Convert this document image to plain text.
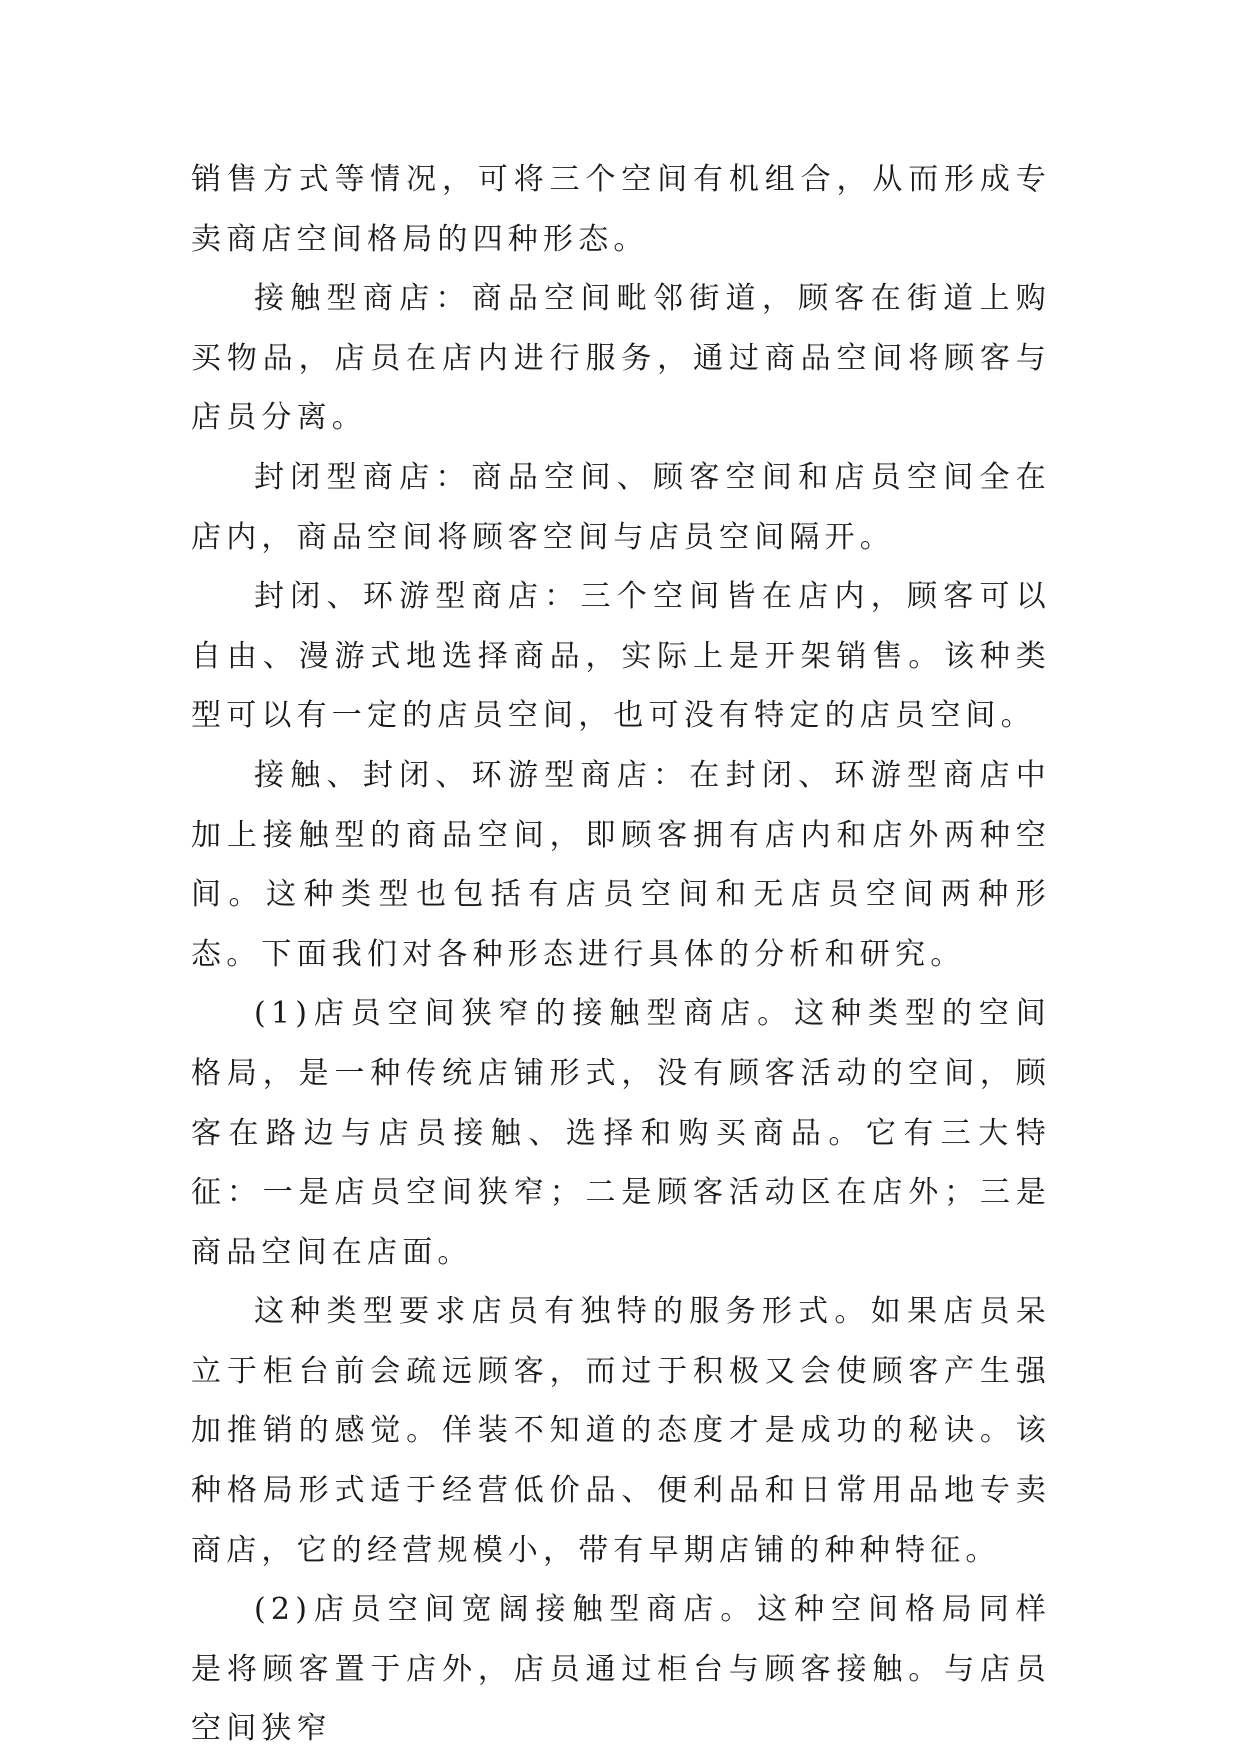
销售方式等情况，可将三个空间有机组合，从而形成专卖商店空间格局的四种形态。

接触型商店：商品空间毗邻街道，顾客在街道上购买物品，店员在店内进行服务，通过商品空间将顾客与店员分离。

封闭型商店：商品空间、顾客空间和店员空间全在店内，商品空间将顾客空间与店员空间隔开。

封闭、环游型商店：三个空间皆在店内，顾客可以自由、漫游式地选择商品，实际上是开架销售。该种类型可以有一定的店员空间，也可没有特定的店员空间。

接触、封闭、环游型商店：在封闭、环游型商店中加上接触型的商品空间，即顾客拥有店内和店外两种空间。这种类型也包括有店员空间和无店员空间两种形态。下面我们对各种形态进行具体的分析和研究。

(1)店员空间狭窄的接触型商店。这种类型的空间格局，是一种传统店铺形式，没有顾客活动的空间，顾客在路边与店员接触、选择和购买商品。它有三大特征：一是店员空间狭窄；二是顾客活动区在店外；三是商品空间在店面。

这种类型要求店员有独特的服务形式。如果店员呆立于柜台前会疏远顾客，而过于积极又会使顾客产生强加推销的感觉。佯装不知道的态度才是成功的秘诀。该种格局形式适于经营低价品、便利品和日常用品地专卖商店，它的经营规模小，带有早期店铺的种种特征。

(2)店员空间宽阔接触型商店。这种空间格局同样是将顾客置于店外，店员通过柜台与顾客接触。与店员空间狭窄
